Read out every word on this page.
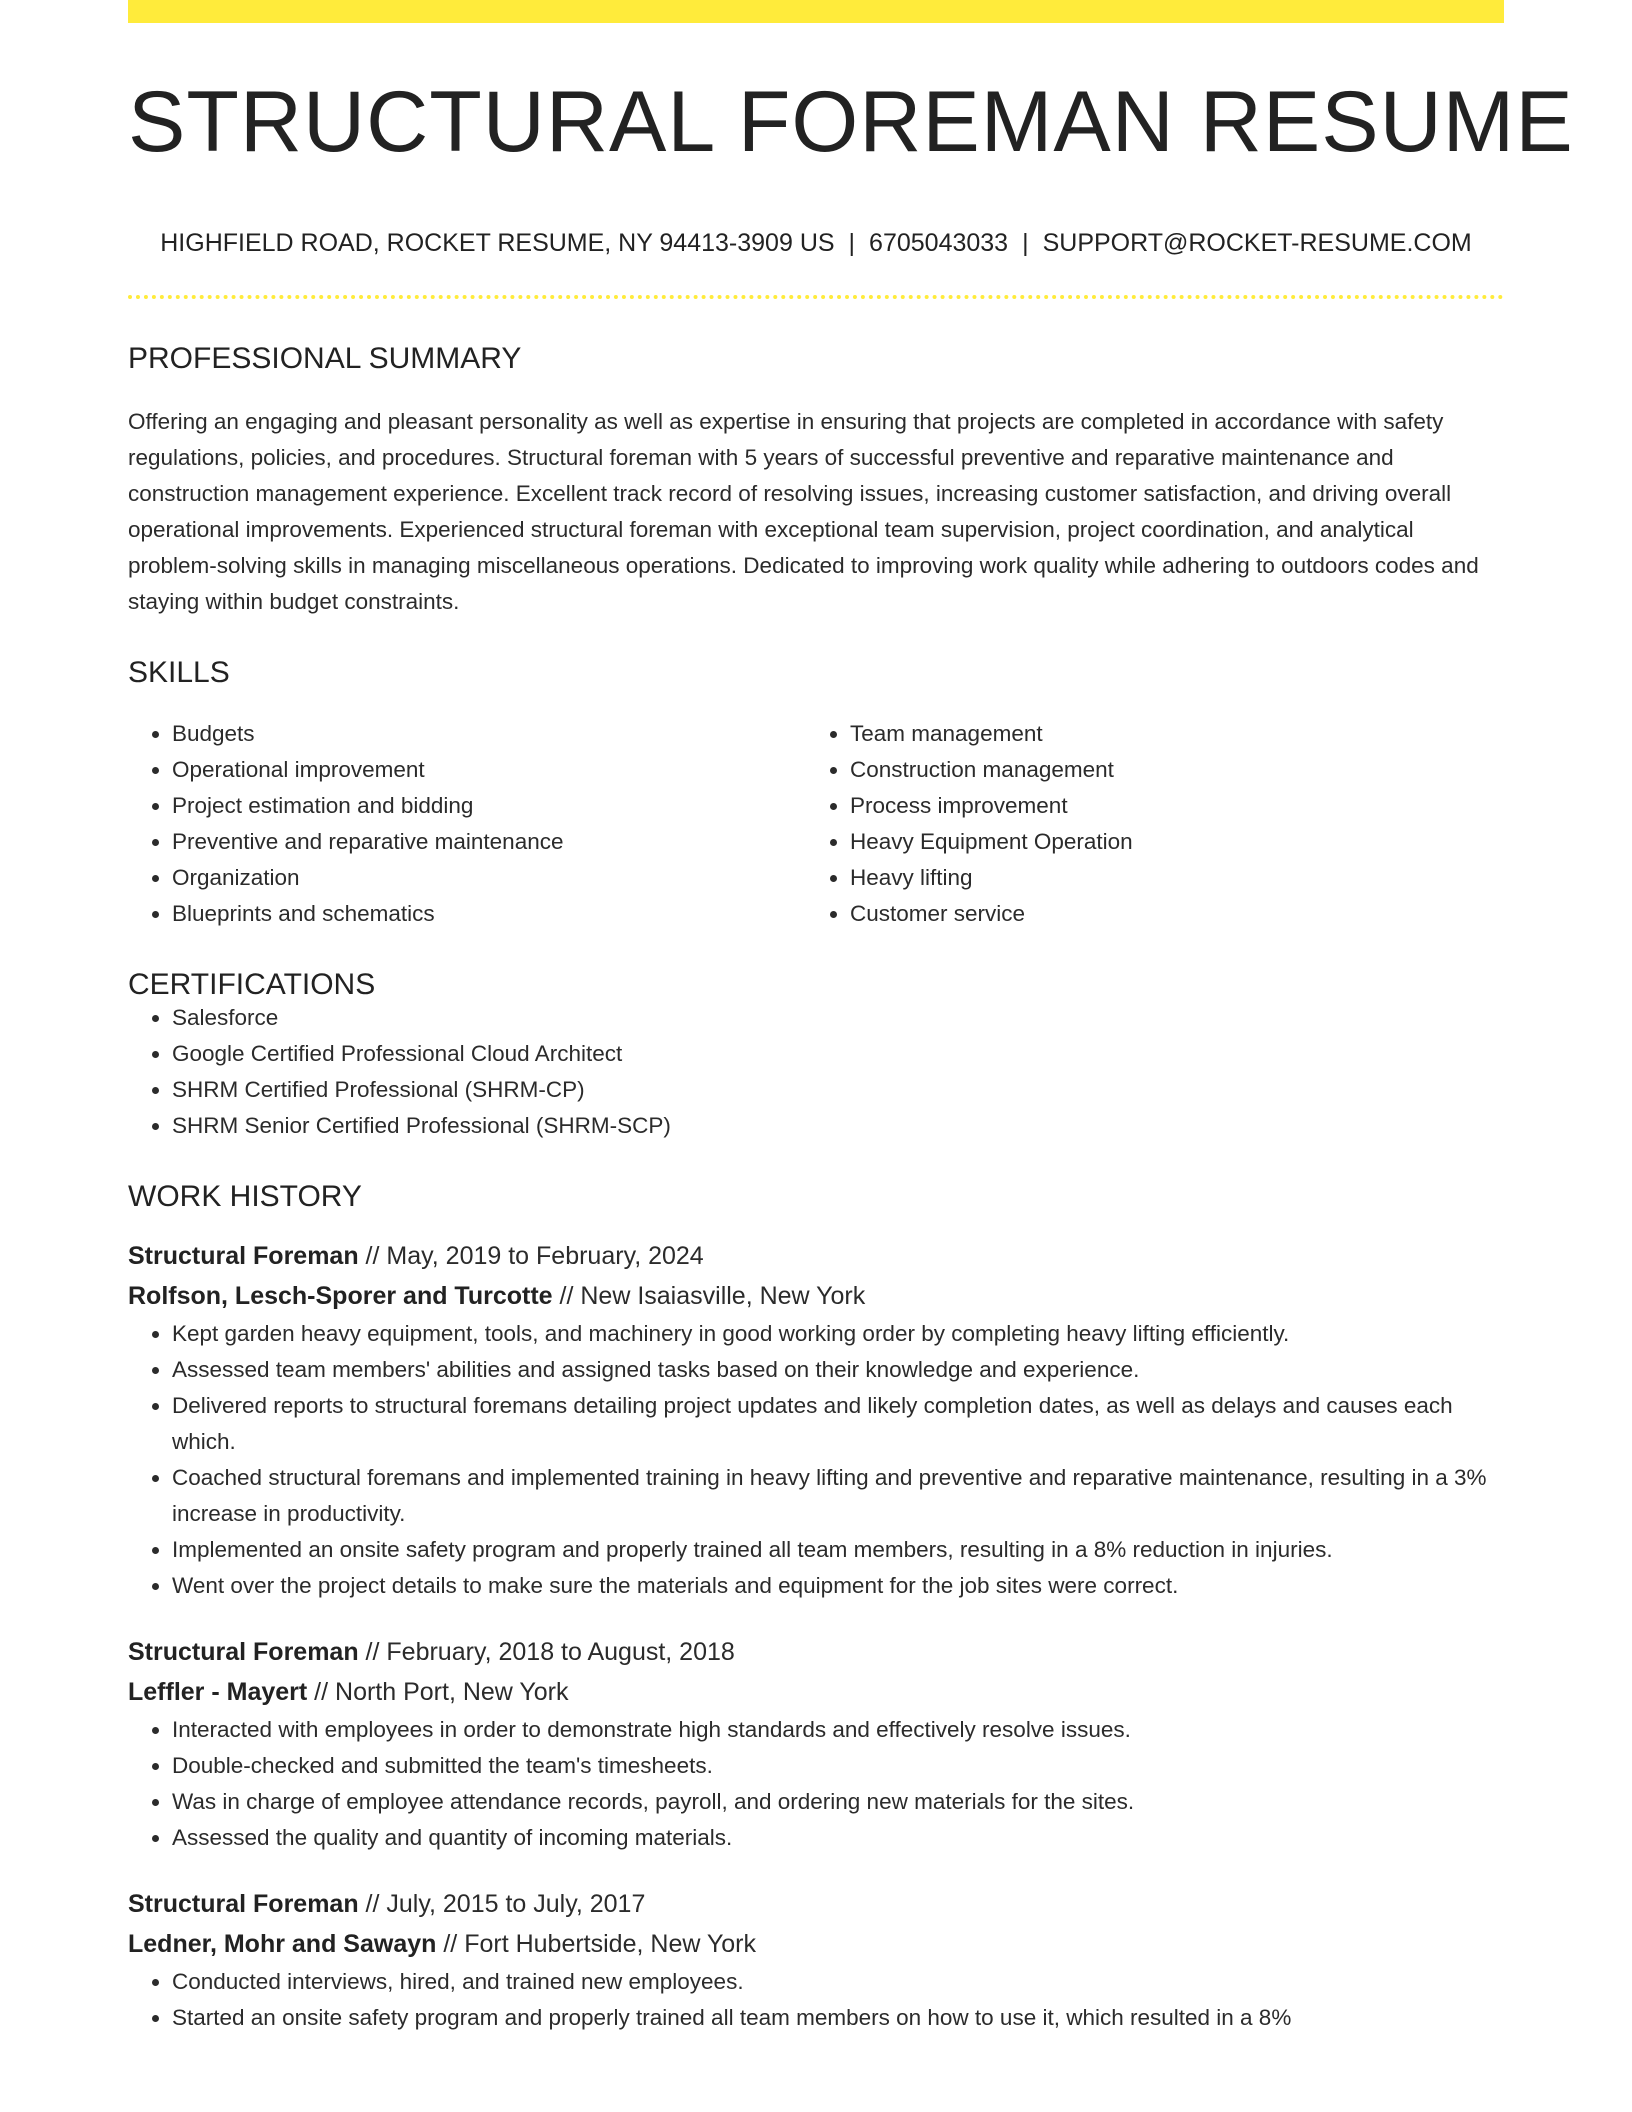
STRUCTURAL FOREMAN RESUME
HIGHFIELD ROAD, ROCKET RESUME, NY 94413-3909 US | 6705043033 | SUPPORT@ROCKET-RESUME.COM
PROFESSIONAL SUMMARY
Offering an engaging and pleasant personality as well as expertise in ensuring that projects are completed in accordance with safety regulations, policies, and procedures. Structural foreman with 5 years of successful preventive and reparative maintenance and construction management experience. Excellent track record of resolving issues, increasing customer satisfaction, and driving overall operational improvements. Experienced structural foreman with exceptional team supervision, project coordination, and analytical problem-solving skills in managing miscellaneous operations. Dedicated to improving work quality while adhering to outdoors codes and staying within budget constraints.
SKILLS
• Budgets
• Operational improvement
• Project estimation and bidding
• Preventive and reparative maintenance
• Organization
• Blueprints and schematics
• Team management
• Construction management
• Process improvement
• Heavy Equipment Operation
• Heavy lifting
• Customer service
CERTIFICATIONS
• Salesforce
• Google Certified Professional Cloud Architect
• SHRM Certified Professional (SHRM-CP)
• SHRM Senior Certified Professional (SHRM-SCP)
WORK HISTORY
Structural Foreman // May, 2019 to February, 2024
Rolfson, Lesch-Sporer and Turcotte // New Isaiasville, New York
• Kept garden heavy equipment, tools, and machinery in good working order by completing heavy lifting efficiently.
• Assessed team members' abilities and assigned tasks based on their knowledge and experience.
• Delivered reports to structural foremans detailing project updates and likely completion dates, as well as delays and causes each which.
• Coached structural foremans and implemented training in heavy lifting and preventive and reparative maintenance, resulting in a 3% increase in productivity.
• Implemented an onsite safety program and properly trained all team members, resulting in a 8% reduction in injuries.
• Went over the project details to make sure the materials and equipment for the job sites were correct.
Structural Foreman // February, 2018 to August, 2018
Leffler - Mayert // North Port, New York
• Interacted with employees in order to demonstrate high standards and effectively resolve issues.
• Double-checked and submitted the team's timesheets.
• Was in charge of employee attendance records, payroll, and ordering new materials for the sites.
• Assessed the quality and quantity of incoming materials.
Structural Foreman // July, 2015 to July, 2017
Ledner, Mohr and Sawayn // Fort Hubertside, New York
• Conducted interviews, hired, and trained new employees.
• Started an onsite safety program and properly trained all team members on how to use it, which resulted in a 8%
